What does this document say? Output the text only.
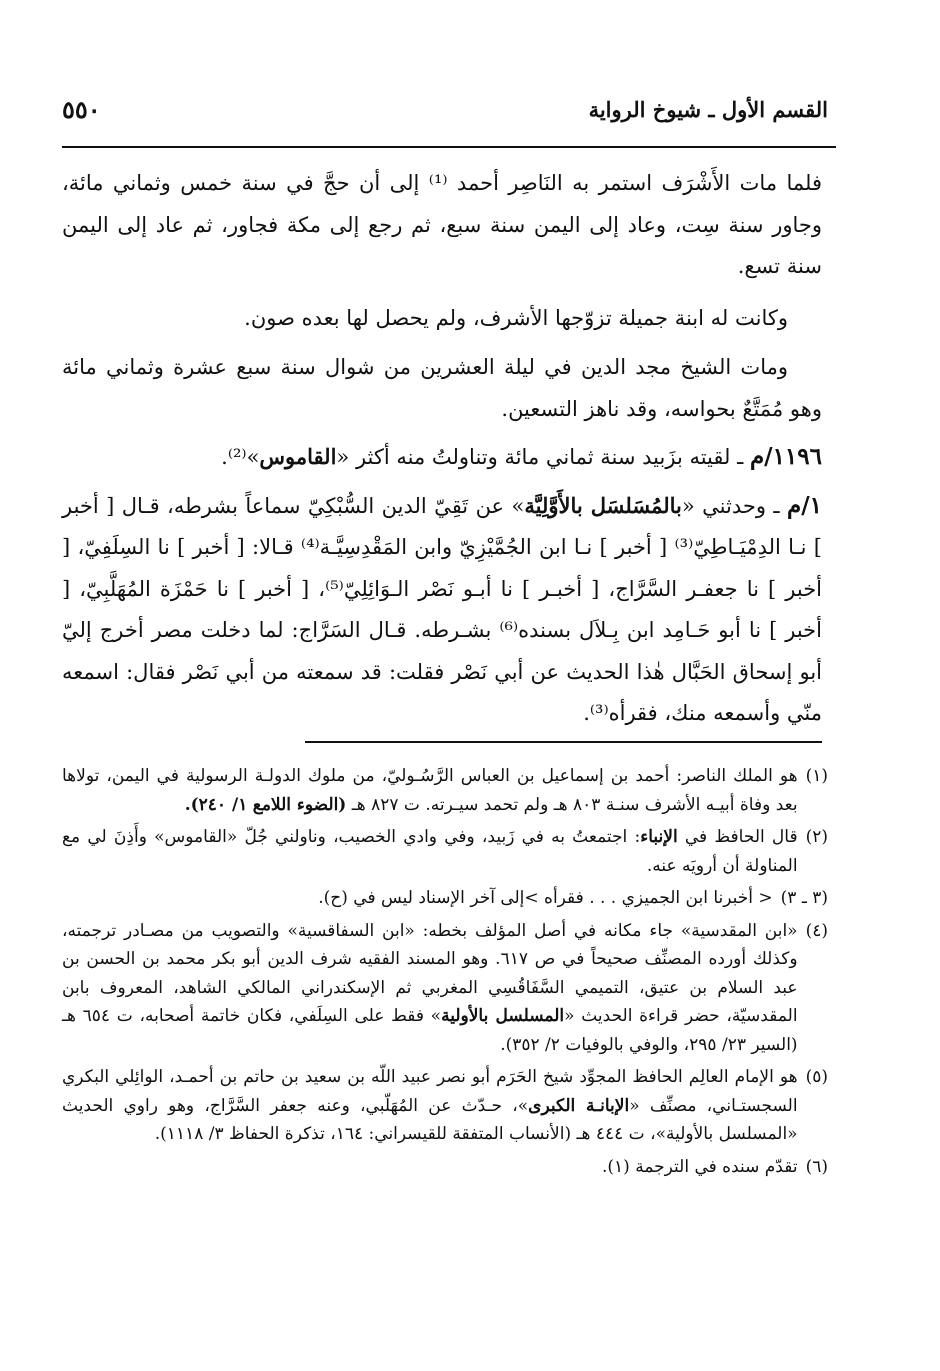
القسم الأول ـ شيوخ الرواية
٥٥٠

فلما مات الأَشْرَف استمر به النَاصِر أحمد ⁽¹⁾ إلى أن حجَّ في سنة خمس وثماني مائة، وجاور سنة سِت، وعاد إلى اليمن سنة سبع، ثم رجع إلى مكة فجاور، ثم عاد إلى اليمن سنة تسع.

وكانت له ابنة جميلة تزوّجها الأشرف، ولم يحصل لها بعده صون.

ومات الشيخ مجد الدين في ليلة العشرين من شوال سنة سبع عشرة وثماني مائة وهو مُمَتَّعٌ بحواسه، وقد ناهز التسعين.

١١٩٦/م ـ لقيته بزَبيد سنة ثماني مائة وتناولتُ منه أكثر «القاموس»⁽²⁾.

١/م ـ وحدثني «بالمُسَلسَل بالأَوَّلِيَّة» عن تَقِيّ الدين السُّبْكِيّ سماعاً بشرطه، قـال [ أخبر ] نـا الدِمْيَـاطِيّ⁽³⁾ [ أخبر ] نـا ابن الجُمَّيْزِيّ وابن المَقْدِسِيَّـة⁽⁴⁾ قـالا: [ أخبر ] نا السِلَفِيّ، [ أخبر ] نا جعفـر السَّرَّاج، [ أخبـر ] نا أبـو نَصْر الـوَائِلِيّ⁽⁵⁾، [ أخبر ] نا حَمْزَة المُهَلَّبِيّ، [ أخبر ] نا أبو حَـامِد ابن بِـلاَل بسنده⁽⁶⁾ بشـرطه. قـال السَرَّاج: لما دخلت مصر أخرج إليّ أبو إسحاق الحَبَّال هٰذا الحديث عن أبي نَصْر فقلت: قد سمعته من أبي نَصْر فقال: اسمعه منّي وأسمعه منك، فقرأه⁽³⁾.

(١)
هو الملك الناصر: أحمد بن إسماعيل بن العباس الرَّسُـوليّ، من ملوك الدولـة الرسولية في اليمن، تولاها بعد وفاة أبيـه الأشرف سنـة ٨٠٣ هـ ولم تحمد سيـرته. ت ٨٢٧ هـ (الضوء اللامع ١/ ٢٤٠).
(٢)
قال الحافظ في الإنباء: اجتمعتُ به في زَبيد، وفي وادي الخصيب، وناولني جُلّ «القاموس» وأَذِنَ لي مع المناولة أن أرويَه عنه.
(٣ ـ ٣)
< أخبرنا ابن الجميزي . . . فقرأه >إلى آخر الإسناد ليس في (ح).
(٤)
«ابن المقدسية» جاء مكانه في أصل المؤلف بخطه: «ابن السفاقسية» والتصويب من مصـادر ترجمته، وكذلك أورده المصنِّف صحيحاً في ص ٦١٧. وهو المسند الفقيه شرف الدين أبو بكر محمد بن الحسن بن عبد السلام بن عتيق، التميمي السَّفَاقُسِي المغربي ثم الإسكندراني المالكي الشاهد، المعروف بابن المقدسيّة، حضر قراءة الحديث «المسلسل بالأولية» فقط على السِلَفي، فكان خاتمة أصحابه، ت ٦٥٤ هـ (السير ٢٣/ ٢٩٥، والوفي بالوفيات ٢/ ٣٥٢).
(٥)
هو الإمام العالِم الحافظ المجوِّد شيخ الحَرَم أبو نصر عبيد اللّه بن سعيد بن حاتم بن أحمـد، الوائِلي البكري السجستـاني، مصنِّف «الإبانـة الكبرى»، حـدّث عن المُهَلّبي، وعنه جعفر السَّرَّاج، وهو راوي الحديث «المسلسل بالأولية»، ت ٤٤٤ هـ (الأنساب المتفقة للقيسراني: ١٦٤، تذكرة الحفاظ ٣/ ١١١٨).
(٦)
تقدّم سنده في الترجمة (١).
